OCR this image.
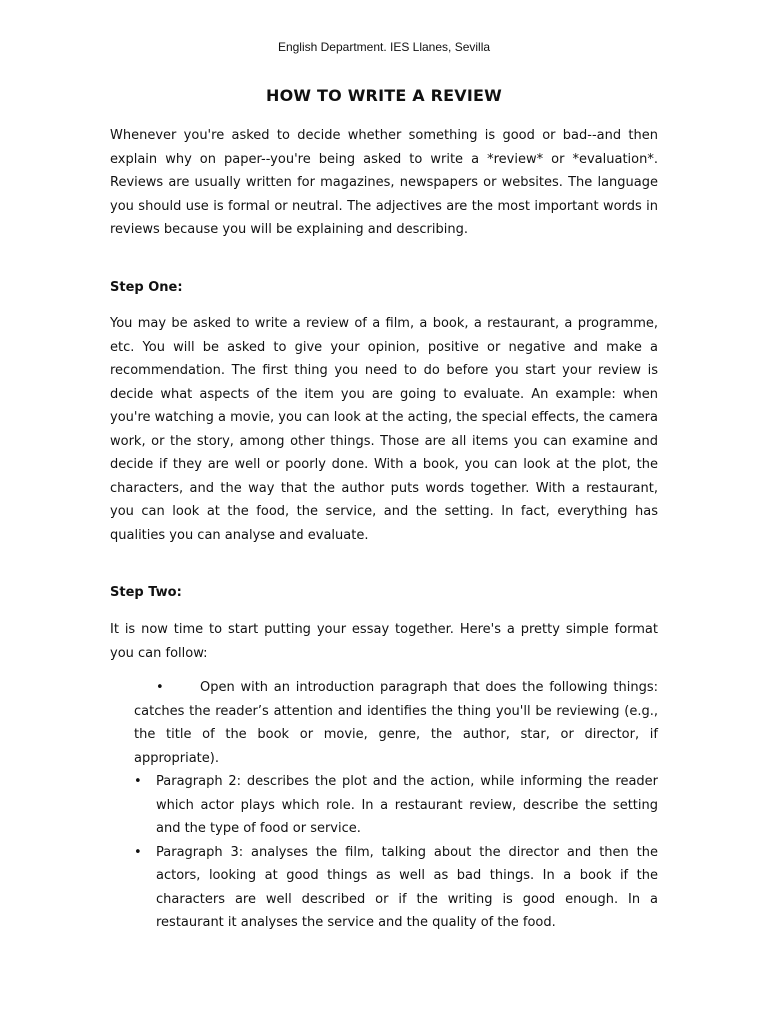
English Department. IES Llanes, Sevilla
HOW TO WRITE A REVIEW

Whenever you're asked to decide whether something is good or bad--and then explain why on paper--you're being asked to write a *review* or *evaluation*. Reviews are usually written for magazines, newspapers or websites. The language you should use is formal or neutral. The adjectives are the most important words in reviews because you will be explaining and describing.

Step One:

You may be asked to write a review of a film, a book, a restaurant, a programme, etc. You will be asked to give your opinion, positive or negative and make a recommendation. The first thing you need to do before you start your review is decide what aspects of the item you are going to evaluate. An example: when you're watching a movie, you can look at the acting, the special effects, the camera work, or the story, among other things. Those are all items you can examine and decide if they are well or poorly done. With a book, you can look at the plot, the characters, and the way that the author puts words together. With a restaurant, you can look at the food, the service, and the setting. In fact, everything has qualities you can analyse and evaluate.

Step Two:

It is now time to start putting your essay together. Here's a pretty simple format you can follow:

•	Open with an introduction paragraph that does the following things: catches the reader’s attention and identifies the thing you'll be reviewing (e.g., the title of the book or movie, genre, the author, star, or director, if appropriate).
• Paragraph 2: describes the plot and the action, while informing the reader which actor plays which role. In a restaurant review, describe the setting and the type of food or service.
• Paragraph 3: analyses the film, talking about the director and then the actors, looking at good things as well as bad things. In a book if the characters are well described or if the writing is good enough. In a restaurant it analyses the service and the quality of the food.
